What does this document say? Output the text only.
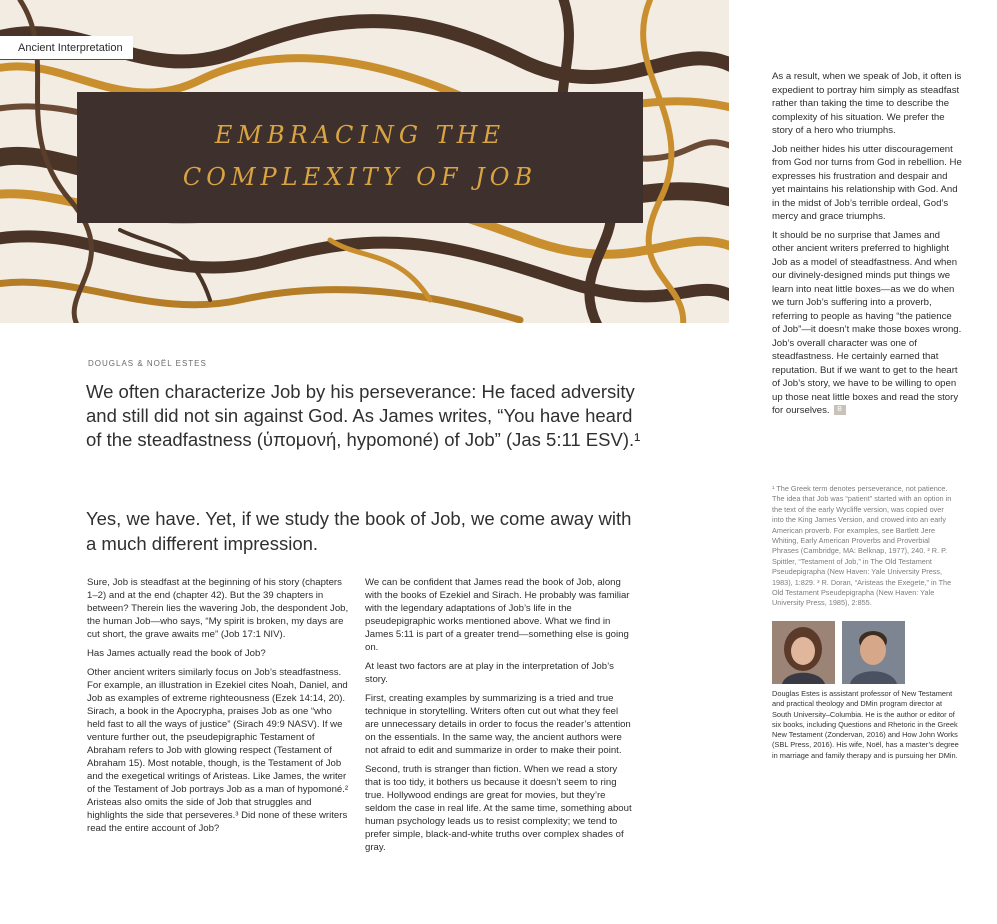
Ancient Interpretation
EMBRACING THE
COMPLEXITY OF JOB
DOUGLAS & NOËL ESTES
We often characterize Job by his perseverance: He faced adversity and still did not sin against God. As James writes, “You have heard of the steadfastness (ὑπομονή, hypomoné) of Job” (Jas 5:11 ESV).¹
Yes, we have. Yet, if we study the book of Job, we come away with a much different impression.

Sure, Job is steadfast at the beginning of his story (chapters 1–2) and at the end (chapter 42). But the 39 chapters in between? Therein lies the wavering Job, the despondent Job, the human Job—who says, “My spirit is broken, my days are cut short, the grave awaits me” (Job 17:1 NIV).

Has James actually read the book of Job?

Other ancient writers similarly focus on Job’s steadfastness. For example, an illustration in Ezekiel cites Noah, Daniel, and Job as examples of extreme righteousness (Ezek 14:14, 20). Sirach, a book in the Apocrypha, praises Job as one “who held fast to all the ways of justice” (Sirach 49:9 NASV). If we venture further out, the pseudepigraphic Testament of Abraham refers to Job with glowing respect (Testament of Abraham 15). Most notable, though, is the Testament of Job and the exegetical writings of Aristeas. Like James, the writer of the Testament of Job portrays Job as a man of hypomoné.² Aristeas also omits the side of Job that struggles and highlights the side that perseveres.³ Did none of these writers read the entire account of Job?

We can be confident that James read the book of Job, along with the books of Ezekiel and Sirach. He probably was familiar with the legendary adaptations of Job’s life in the pseudepigraphic works mentioned above. What we find in James 5:11 is part of a greater trend—something else is going on.

At least two factors are at play in the interpretation of Job’s story.

First, creating examples by summarizing is a tried and true technique in storytelling. Writers often cut out what they feel are unnecessary details in order to focus the reader’s attention on the essentials. In the same way, the ancient authors were not afraid to edit and summarize in order to make their point.

Second, truth is stranger than fiction. When we read a story that is too tidy, it bothers us because it doesn’t seem to ring true. Hollywood endings are great for movies, but they’re seldom the case in real life. At the same time, something about human psychology leads us to resist complexity; we tend to prefer simple, black-and-white truths over complex shades of gray.

As a result, when we speak of Job, it often is expedient to portray him simply as steadfast rather than taking the time to describe the complexity of his situation. We prefer the story of a hero who triumphs.

Job neither hides his utter discouragement from God nor turns from God in rebellion. He expresses his frustration and despair and yet maintains his relationship with God. And in the midst of Job’s terrible ordeal, God’s mercy and grace triumphs.

It should be no surprise that James and other ancient writers preferred to highlight Job as a model of steadfastness. And when our divinely-designed minds put things we learn into neat little boxes—as we do when we turn Job’s suffering into a proverb, referring to people as having “the patience of Job”—it doesn’t make those boxes wrong. Job’s overall character was one of steadfastness. He certainly earned that reputation. But if we want to get to the heart of Job’s story, we have to be willing to open up those neat little boxes and read the story for ourselves. B

¹ The Greek term denotes perseverance, not patience. The idea that Job was “patient” started with an option in the text of the early Wycliffe version, was copied over into the King James Version, and crowed into an early American proverb. For examples, see Bartlett Jere Whiting, Early American Proverbs and Proverbial Phrases (Cambridge, MA: Belknap, 1977), 240. ² R. P. Spittler, “Testament of Job,” in The Old Testament Pseudepigrapha (New Haven: Yale University Press, 1983), 1:829. ³ R. Doran, “Aristeas the Exegete,” in The Old Testament Pseudepigrapha (New Haven: Yale University Press, 1985), 2:855.
Douglas Estes is assistant professor of New Testament and practical theology and DMin program director at South University–Columbia. He is the author or editor of six books, including Questions and Rhetoric in the Greek New Testament (Zondervan, 2016) and How John Works (SBL Press, 2016). His wife, Noël, has a master’s degree in marriage and family therapy and is pursuing her DMin.
